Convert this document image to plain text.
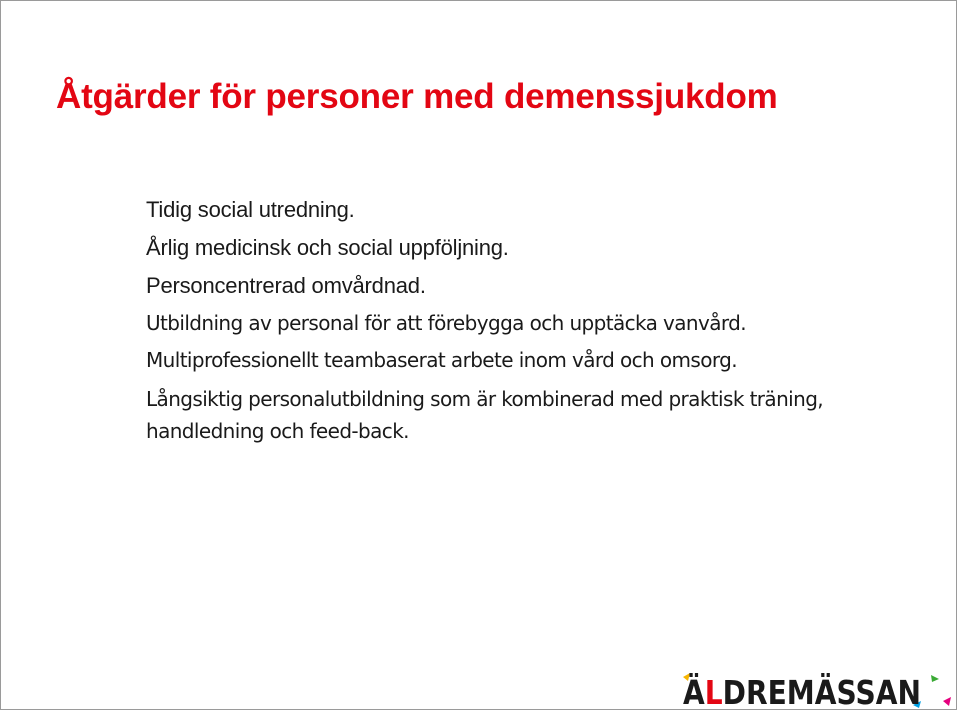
Åtgärder för personer med demenssjukdom
Tidig social utredning.
Årlig medicinsk och social uppföljning.
Personcentrerad omvårdnad.
Utbildning av personal för att förebygga och upptäcka vanvård.
Multiprofessionellt teambaserat arbete inom vård och omsorg.
Långsiktig personalutbildning som är kombinerad med praktisk träning, handledning och feed-back.
ÄLDREMÄSSAN
